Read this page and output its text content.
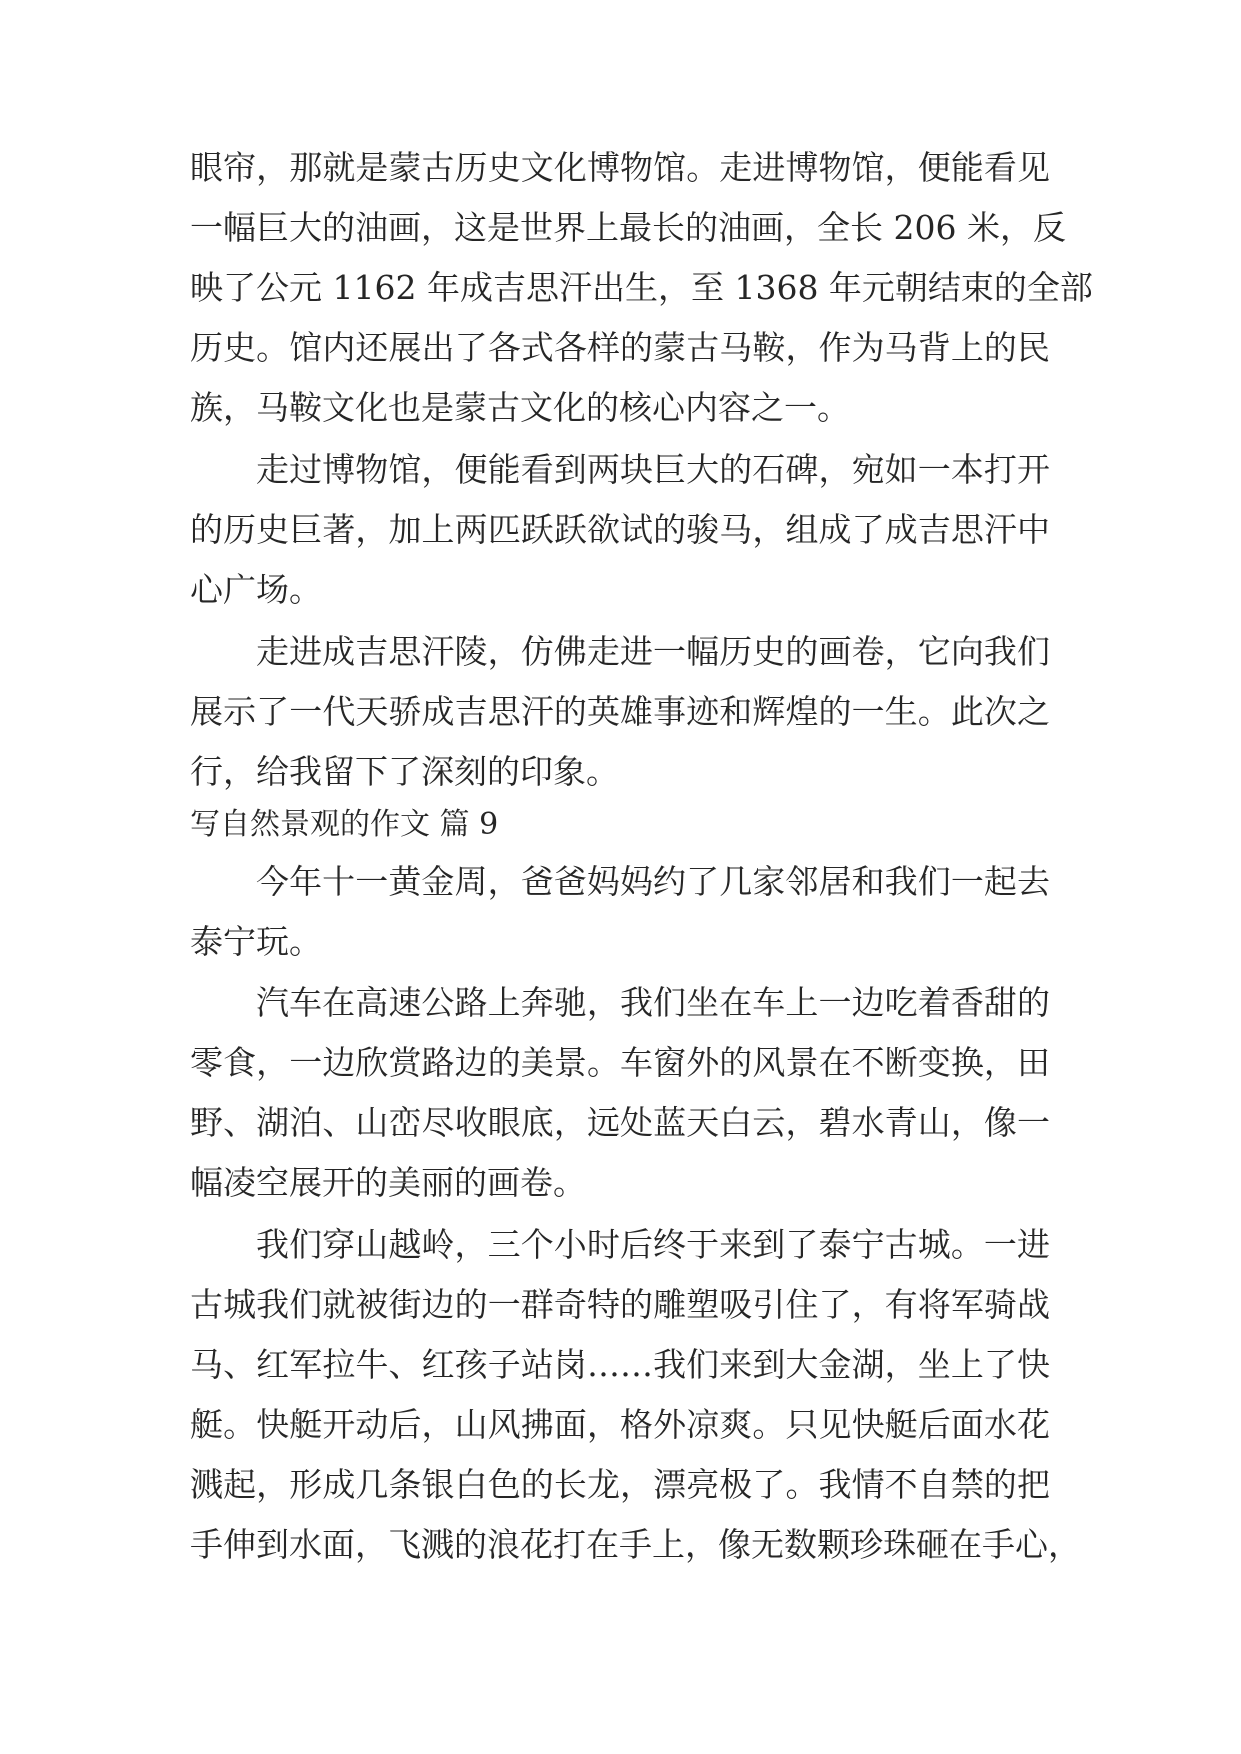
眼帘，那就是蒙古历史文化博物馆。走进博物馆，便能看见
一幅巨大的油画，这是世界上最长的油画，全长 206 米，反
映了公元 1162 年成吉思汗出生，至 1368 年元朝结束的全部
历史。馆内还展出了各式各样的蒙古马鞍，作为马背上的民
族，马鞍文化也是蒙古文化的核心内容之一。
走过博物馆，便能看到两块巨大的石碑，宛如一本打开
的历史巨著，加上两匹跃跃欲试的骏马，组成了成吉思汗中
心广场。
走进成吉思汗陵，仿佛走进一幅历史的画卷，它向我们
展示了一代天骄成吉思汗的英雄事迹和辉煌的一生。此次之
行，给我留下了深刻的印象。
写自然景观的作文 篇 9
今年十一黄金周，爸爸妈妈约了几家邻居和我们一起去
泰宁玩。
汽车在高速公路上奔驰，我们坐在车上一边吃着香甜的
零食，一边欣赏路边的美景。车窗外的风景在不断变换，田
野、湖泊、山峦尽收眼底，远处蓝天白云，碧水青山，像一
幅凌空展开的美丽的画卷。
我们穿山越岭，三个小时后终于来到了泰宁古城。一进
古城我们就被街边的一群奇特的雕塑吸引住了，有将军骑战
马、红军拉牛、红孩子站岗……我们来到大金湖，坐上了快
艇。快艇开动后，山风拂面，格外凉爽。只见快艇后面水花
溅起，形成几条银白色的长龙，漂亮极了。我情不自禁的把
手伸到水面，飞溅的浪花打在手上，像无数颗珍珠砸在手心，
